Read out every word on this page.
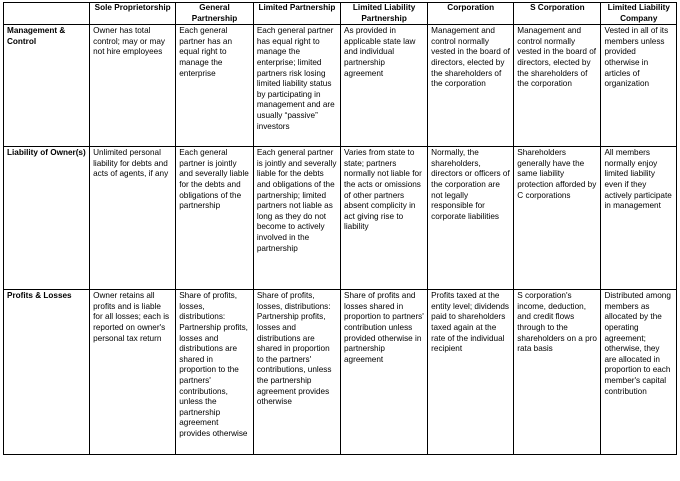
	Sole Proprietorship	General Partnership	Limited Partnership	Limited Liability Partnership	Corporation	S Corporation	Limited Liability Company
Management & Control	Owner has total control; may or may not hire employees	Each general partner has an equal right to manage the enterprise	Each general partner has equal right to manage the enterprise; limited partners risk losing limited liability status by participating in management and are usually “passive” investors	As provided in applicable state law and individual partnership agreement	Management and control normally vested in the board of directors, elected by the shareholders of the corporation	Management and control normally vested in the board of directors, elected by the shareholders of the corporation	Vested in all of its members unless provided otherwise in articles of organization
Liability of Owner(s)	Unlimited personal liability for debts and acts of agents, if any	Each general partner is jointly and severally liable for the debts and obligations of the partnership	Each general partner is jointly and severally liable for the debts and obligations of the partnership; limited partners not liable as long as they do not become to actively involved in the partnership	Varies from state to state; partners normally not liable for the acts or omissions of other partners absent complicity in act giving rise to liability	Normally, the shareholders, directors or officers of the corporation are not legally responsible for corporate liabilities	Shareholders generally have the same liability protection afforded by C corporations	All members normally enjoy limited liability even if they actively participate in management
Profits & Losses	Owner retains all profits and is liable for all losses; each is reported on owner's personal tax return	Share of profits, losses, distributions: Partnership profits, losses and distributions are shared in proportion to the partners' contributions, unless the partnership agreement provides otherwise	Share of profits, losses, distributions: Partnership profits, losses and distributions are shared in proportion to the partners' contributions, unless the partnership agreement provides otherwise	Share of profits and losses shared in proportion to partners' contribution unless provided otherwise in partnership agreement	Profits taxed at the entity level; dividends paid to shareholders taxed again at the rate of the individual recipient	S corporation's income, deduction, and credit flows through to the shareholders on a pro rata basis	Distributed among members as allocated by the operating agreement; otherwise, they are allocated in proportion to each member's capital contribution
